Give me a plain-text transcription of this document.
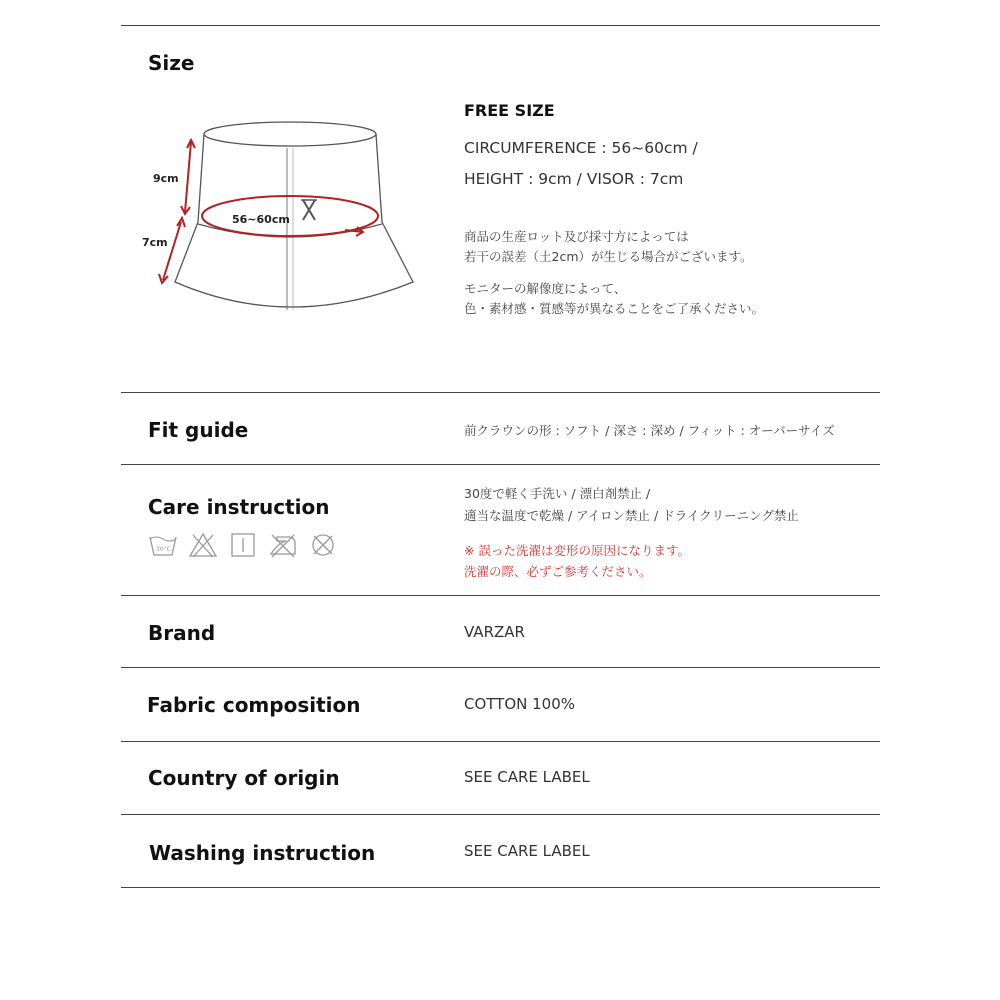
Size
9cm
7cm
56~60cm
FREE SIZE
CIRCUMFERENCE : 56~60cm /
HEIGHT : 9cm / VISOR : 7cm
商品の生産ロット及び採寸方によっては
若干の誤差（土2cm）が生じる場合がございます。
モニターの解像度によって、
色・素材感・質感等が異なることをご了承ください。
Fit guide	前クラウンの形 : ソフト / 深さ : 深め / フィット : オーバーサイズ
Care instruction
30°C
30度で軽く手洗い / 漂白剤禁止 /
適当な温度で乾燥 / アイロン禁止 / ドライクリーニング禁止
※ 誤った洗濯は変形の原因になります。
洗濯の際、必ずご参考ください。
Brand	VARZAR
Fabric composition	COTTON 100%
Country of origin	SEE CARE LABEL
Washing instruction	SEE CARE LABEL
